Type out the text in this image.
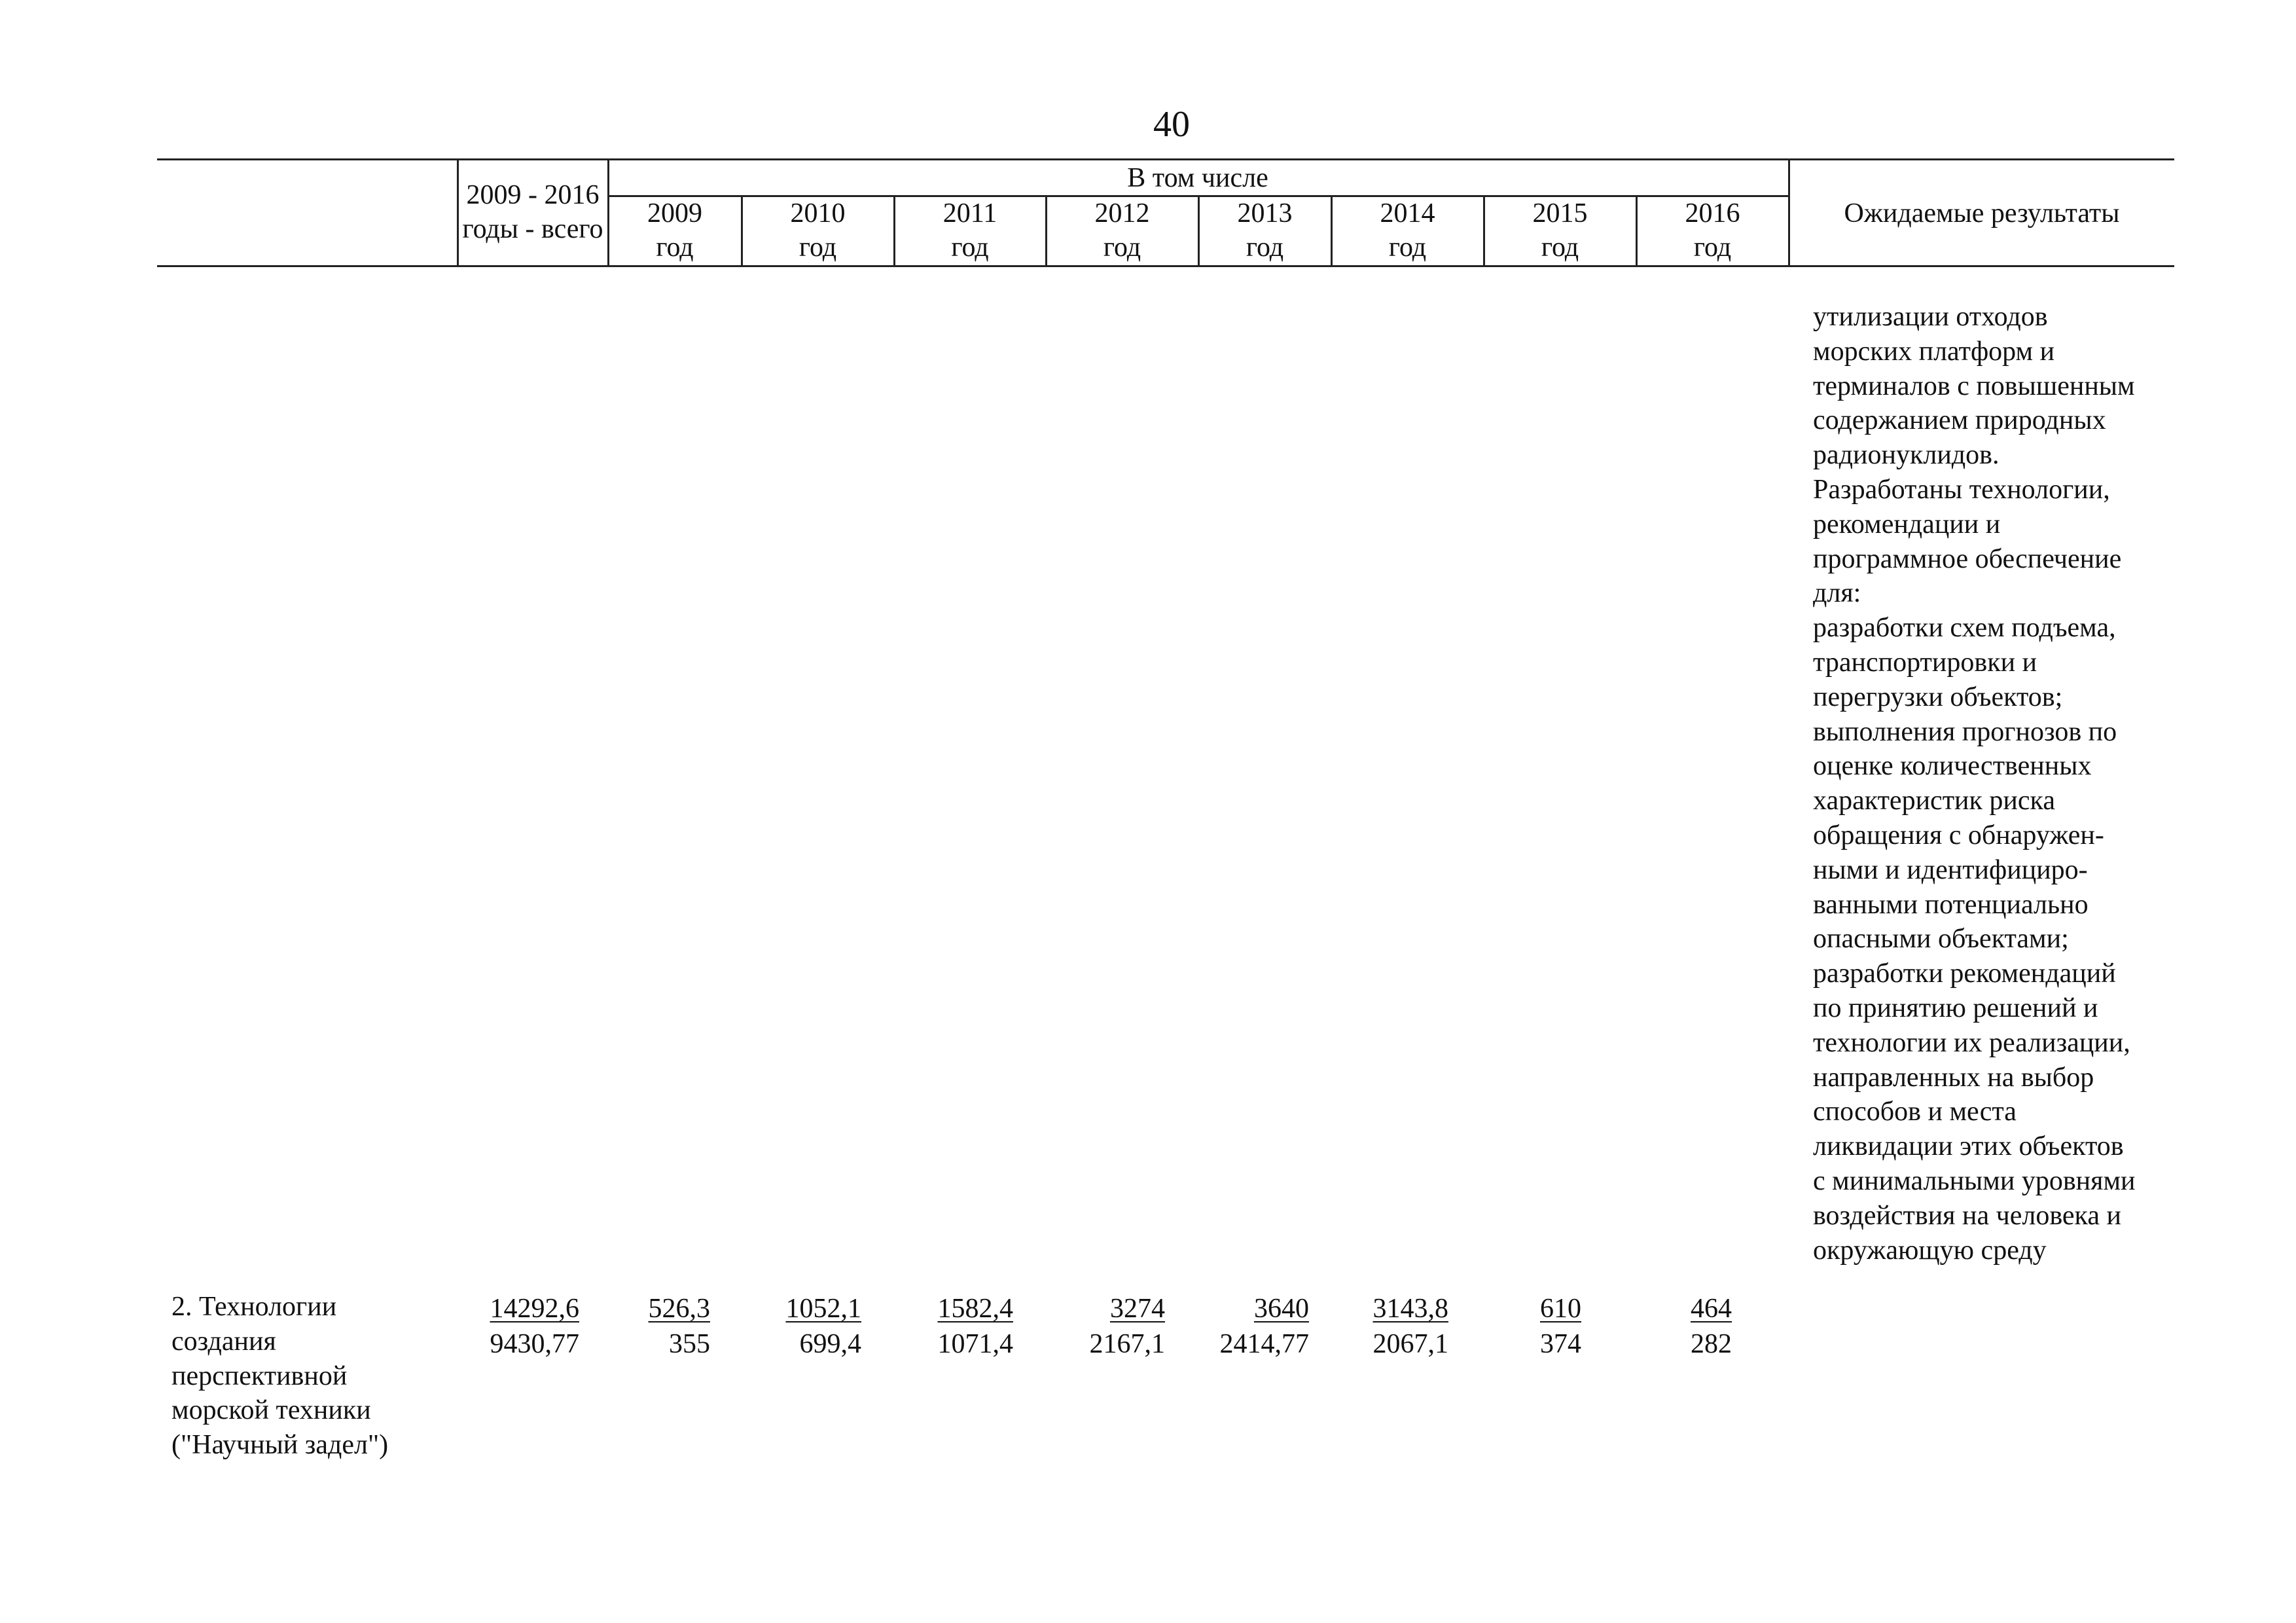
40
2009 - 2016
годы - всего
В том числе
2009
год
2010
год
2011
год
2012
год
2013
год
2014
год
2015
год
2016
год
Ожидаемые результаты
утилизации отходов
морских платформ и
терминалов с повышенным
содержанием природных
радионуклидов.
Разработаны технологии,
рекомендации и
программное обеспечение
для:
разработки схем подъема,
транспортировки и
перегрузки объектов;
выполнения прогнозов по
оценке количественных
характеристик риска
обращения с обнаружен-
ными и идентифициро-
ванными потенциально
опасными объектами;
разработки рекомендаций
по принятию решений и
технологии их реализации,
направленных на выбор
способов и места
ликвидации этих объектов
с минимальными уровнями
воздействия на человека и
окружающую среду
2. Технологии
создания
перспективной
морской техники
("Научный задел")
14292,6
9430,77
526,3
355
1052,1
699,4
1582,4
1071,4
3274
2167,1
3640
2414,77
3143,8
2067,1
610
374
464
282
